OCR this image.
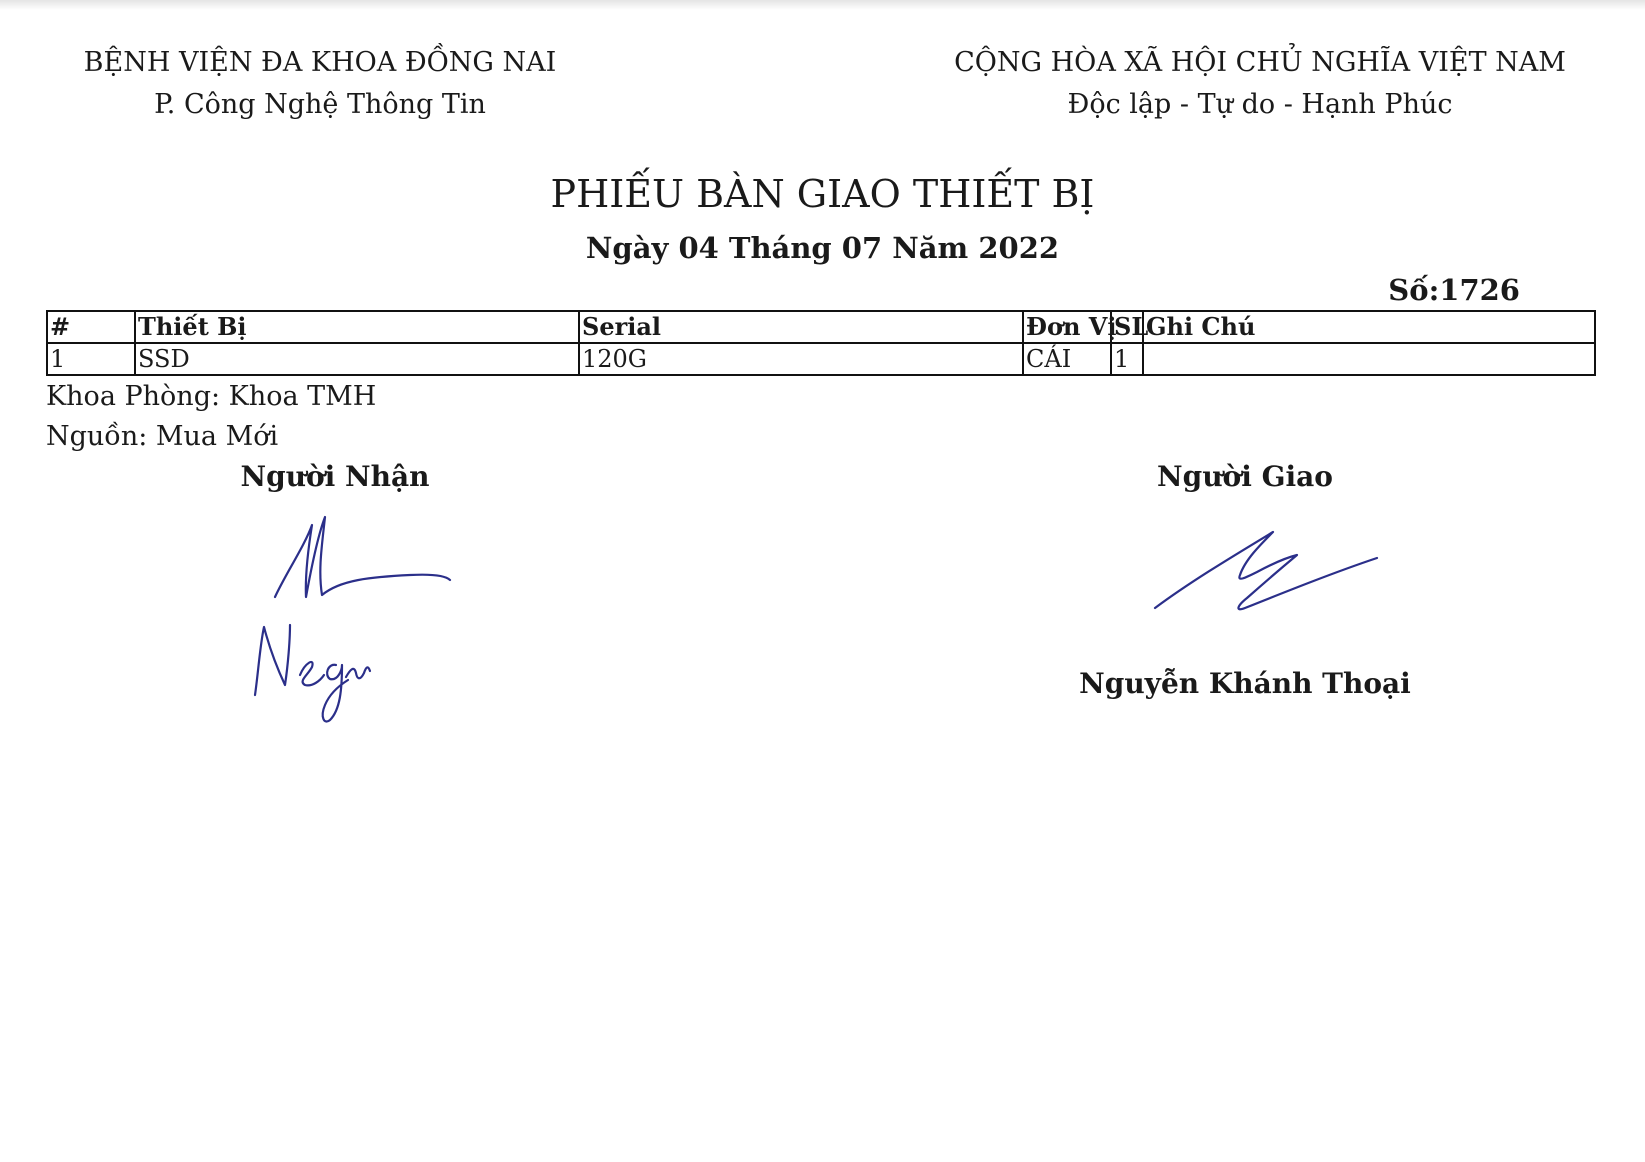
BỆNH VIỆN ĐA KHOA ĐỒNG NAI
P. Công Nghệ Thông Tin
CỘNG HÒA XÃ HỘI CHỦ NGHĨA VIỆT NAM
Độc lập - Tự do - Hạnh Phúc
PHIẾU BÀN GIAO THIẾT BỊ
Ngày 04 Tháng 07 Năm 2022
Số:1726
#	Thiết Bị	Serial	Đơn Vị	SL	Ghi Chú
1	SSD	120G	CÁI	1	
Khoa Phòng: Khoa TMH
Nguồn: Mua Mới
Người Nhận	Người Giao
Nguyễn Khánh Thoại
